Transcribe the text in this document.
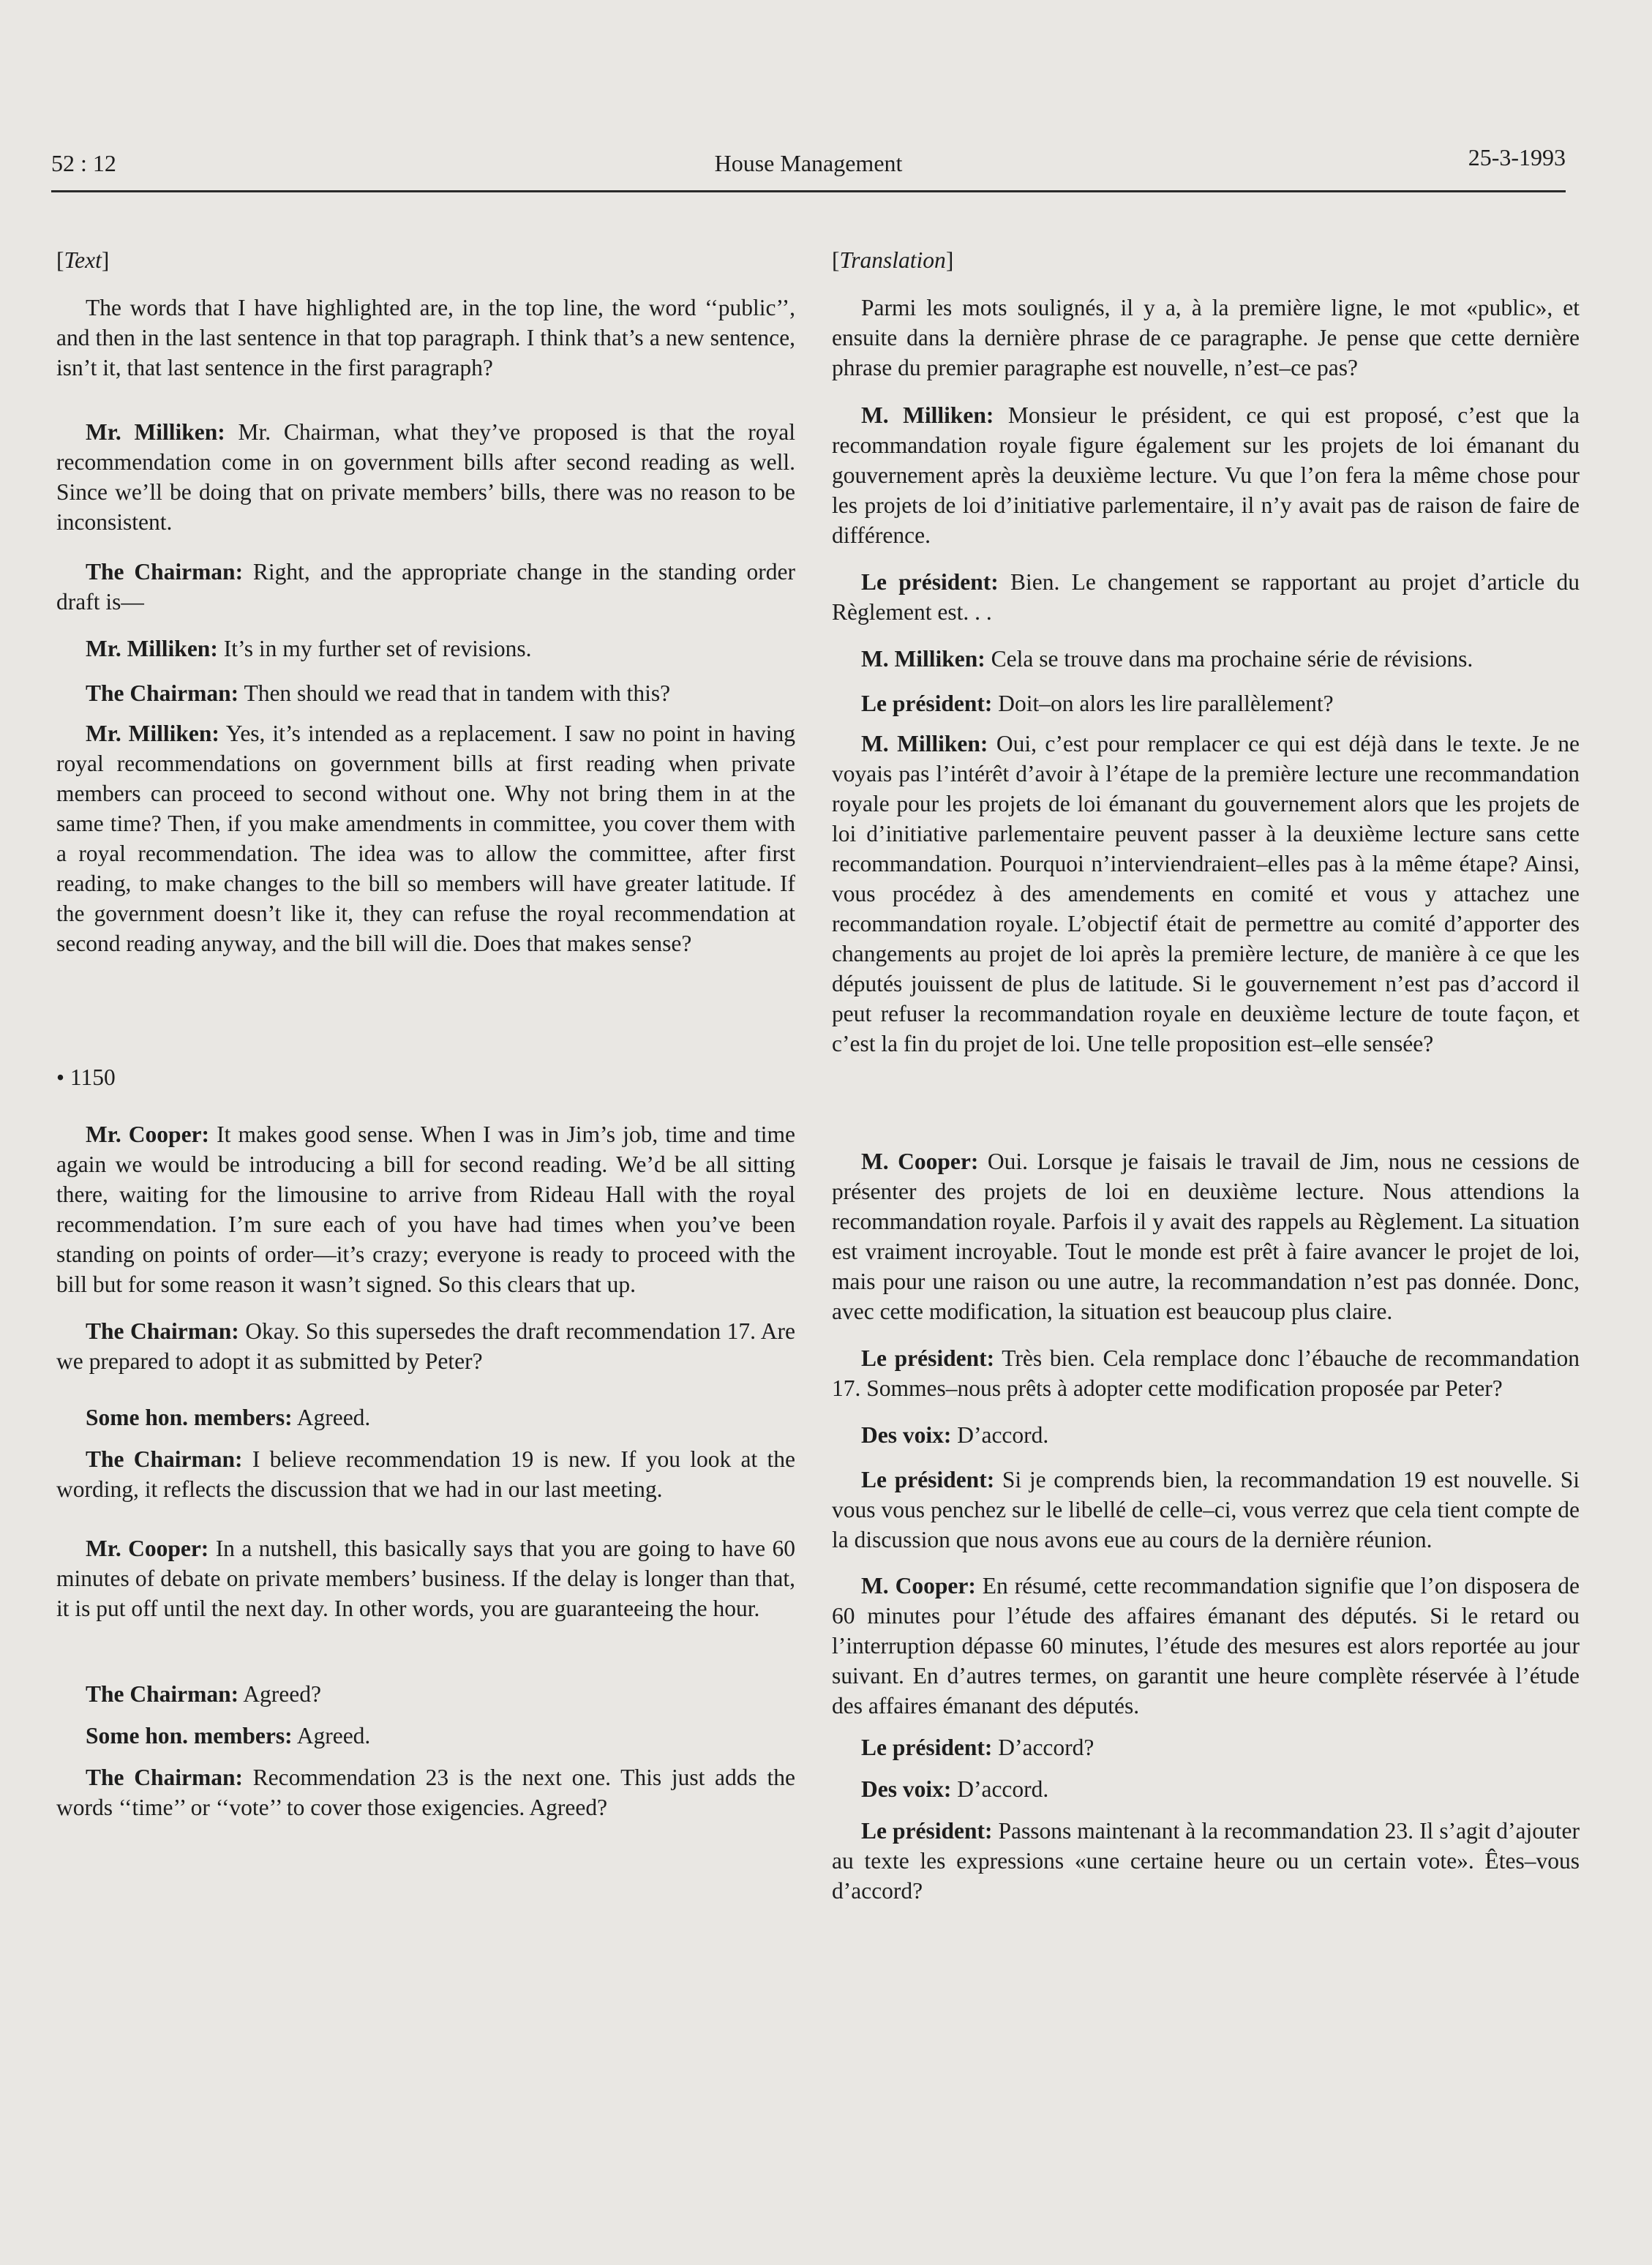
52 : 12	House Management	25-3-1993

[Text]

The words that I have highlighted are, in the top line, the word ‘‘public’’, and then in the last sentence in that top paragraph. I think that’s a new sentence, isn’t it, that last sentence in the first paragraph?

Mr. Milliken: Mr. Chairman, what they’ve proposed is that the royal recommendation come in on government bills after second reading as well. Since we’ll be doing that on private members’ bills, there was no reason to be inconsistent.

The Chairman: Right, and the appropriate change in the standing order draft is—

Mr. Milliken: It’s in my further set of revisions.

The Chairman: Then should we read that in tandem with this?

Mr. Milliken: Yes, it’s intended as a replacement. I saw no point in having royal recommendations on government bills at first reading when private members can proceed to second without one. Why not bring them in at the same time? Then, if you make amendments in committee, you cover them with a royal recommendation. The idea was to allow the committee, after first reading, to make changes to the bill so members will have greater latitude. If the government doesn’t like it, they can refuse the royal recommendation at second reading anyway, and the bill will die. Does that makes sense?

• 1150

Mr. Cooper: It makes good sense. When I was in Jim’s job, time and time again we would be introducing a bill for second reading. We’d be all sitting there, waiting for the limousine to arrive from Rideau Hall with the royal recommendation. I’m sure each of you have had times when you’ve been standing on points of order—it’s crazy; everyone is ready to proceed with the bill but for some reason it wasn’t signed. So this clears that up.

The Chairman: Okay. So this supersedes the draft recommendation 17. Are we prepared to adopt it as submitted by Peter?

Some hon. members: Agreed.

The Chairman: I believe recommendation 19 is new. If you look at the wording, it reflects the discussion that we had in our last meeting.

Mr. Cooper: In a nutshell, this basically says that you are going to have 60 minutes of debate on private members’ business. If the delay is longer than that, it is put off until the next day. In other words, you are guaranteeing the hour.

The Chairman: Agreed?

Some hon. members: Agreed.

The Chairman: Recommendation 23 is the next one. This just adds the words ‘‘time’’ or ‘‘vote’’ to cover those exigencies. Agreed?

[Translation]

Parmi les mots soulignés, il y a, à la première ligne, le mot «public», et ensuite dans la dernière phrase de ce paragraphe. Je pense que cette dernière phrase du premier paragraphe est nouvelle, n’est–ce pas?

M. Milliken: Monsieur le président, ce qui est proposé, c’est que la recommandation royale figure également sur les projets de loi émanant du gouvernement après la deuxième lecture. Vu que l’on fera la même chose pour les projets de loi d’initiative parlementaire, il n’y avait pas de raison de faire de différence.

Le président: Bien. Le changement se rapportant au projet d’article du Règlement est. . .

M. Milliken: Cela se trouve dans ma prochaine série de révisions.

Le président: Doit–on alors les lire parallèlement?

M. Milliken: Oui, c’est pour remplacer ce qui est déjà dans le texte. Je ne voyais pas l’intérêt d’avoir à l’étape de la première lecture une recommandation royale pour les projets de loi émanant du gouvernement alors que les projets de loi d’initiative parlementaire peuvent passer à la deuxième lecture sans cette recommandation. Pourquoi n’interviendraient–elles pas à la même étape? Ainsi, vous procédez à des amendements en comité et vous y attachez une recommandation royale. L’objectif était de permettre au comité d’apporter des changements au projet de loi après la première lecture, de manière à ce que les députés jouissent de plus de latitude. Si le gouvernement n’est pas d’accord il peut refuser la recommandation royale en deuxième lecture de toute façon, et c’est la fin du projet de loi. Une telle proposition est–elle sensée?

M. Cooper: Oui. Lorsque je faisais le travail de Jim, nous ne cessions de présenter des projets de loi en deuxième lecture. Nous attendions la recommandation royale. Parfois il y avait des rappels au Règlement. La situation est vraiment incroyable. Tout le monde est prêt à faire avancer le projet de loi, mais pour une raison ou une autre, la recommandation n’est pas donnée. Donc, avec cette modification, la situation est beaucoup plus claire.

Le président: Très bien. Cela remplace donc l’ébauche de recommandation 17. Sommes–nous prêts à adopter cette modification proposée par Peter?

Des voix: D’accord.

Le président: Si je comprends bien, la recommandation 19 est nouvelle. Si vous vous penchez sur le libellé de celle–ci, vous verrez que cela tient compte de la discussion que nous avons eue au cours de la dernière réunion.

M. Cooper: En résumé, cette recommandation signifie que l’on disposera de 60 minutes pour l’étude des affaires émanant des députés. Si le retard ou l’interruption dépasse 60 minutes, l’étude des mesures est alors reportée au jour suivant. En d’autres termes, on garantit une heure complète réservée à l’étude des affaires émanant des députés.

Le président: D’accord?

Des voix: D’accord.

Le président: Passons maintenant à la recommandation 23. Il s’agit d’ajouter au texte les expressions «une certaine heure ou un certain vote». Êtes–vous d’accord?
